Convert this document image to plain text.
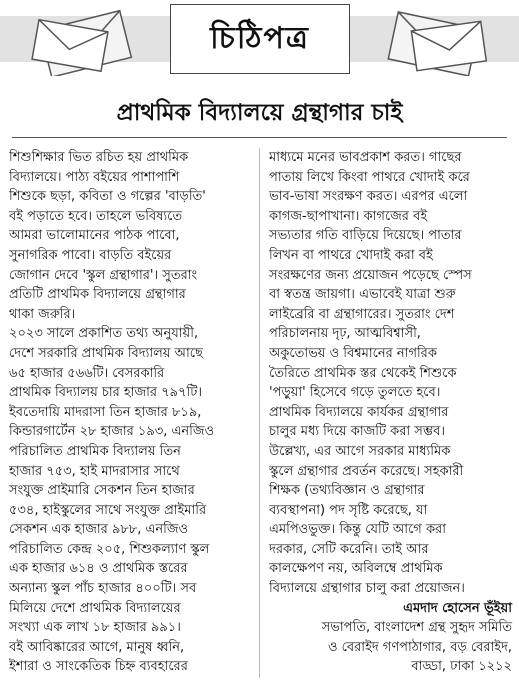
চিঠিপত্র
প্রাথমিক বিদ্যালয়ে গ্রন্থাগার চাই
শিশুশিক্ষার ভিত রচিত হয় প্রাথমিক
বিদ্যালয়ে। পাঠ্য বইয়ের পাশাপাশি
শিশুকে ছড়া, কবিতা ও গল্পের 'বাড়তি'
বই পড়াতে হবে। তাহলে ভবিষ্যতে
আমরা ভালোমানের পাঠক পাবো,
সুনাগরিক পাবো। বাড়তি বইয়ের
জোগান দেবে 'স্কুল গ্রন্থাগার'। সুতরাং
প্রতিটি প্রাথমিক বিদ্যালয়ে গ্রন্থাগার
থাকা জরুরি।
২০২৩ সালে প্রকাশিত তথ্য অনুযায়ী,
দেশে সরকারি প্রাথমিক বিদ্যালয় আছে
৬৫ হাজার ৫৬৬টি। বেসরকারি
প্রাথমিক বিদ্যালয় চার হাজার ৭৯৭টি।
ইবতেদায়ি মাদরাসা তিন হাজার ৮১৯,
কিন্ডারগার্টেন ২৮ হাজার ১৯৩, এনজিও
পরিচালিত প্রাথমিক বিদ্যালয় তিন
হাজার ৭৫৩, হাই মাদরাসার সাথে
সংযুক্ত প্রাইমারি সেকশন তিন হাজার
৫৩৪, হাইস্কুলের সাথে সংযুক্ত প্রাইমারি
সেকশন এক হাজার ৯৮৮, এনজিও
পরিচালিত কেন্দ্র ২০৫, শিশুকল্যাণ স্কুল
এক হাজার ৬১৪ ও প্রাথমিক স্তরের
অন্যান্য স্কুল পাঁচ হাজার ৪০০টি। সব
মিলিয়ে দেশে প্রাথমিক বিদ্যালয়ের
সংখ্যা এক লাখ ১৮ হাজার ৯৯১।
বই আবিষ্কারের আগে, মানুষ ধ্বনি,
ইশারা ও সাংকেতিক চিহ্ন ব্যবহারের
মাধ্যমে মনের ভাবপ্রকাশ করত। গাছের
পাতায় লিখে কিংবা পাথরে খোদাই করে
ভাব-ভাষা সংরক্ষণ করত। এরপর এলো
কাগজ-ছাপাখানা। কাগজের বই
সভ্যতার গতি বাড়িয়ে দিয়েছে। পাতার
লিখন বা পাথরে খোদাই করা বই
সংরক্ষণের জন্য প্রয়োজন পড়েছে স্পেস
বা স্বতন্ত্র জায়গা। এভাবেই যাত্রা শুরু
লাইব্রেরি বা গ্রন্থাগারের। সুতরাং দেশ
পরিচালনায় দৃঢ়, আত্মবিশ্বাসী,
অকুতোভয় ও বিশ্বমানের নাগরিক
তৈরিতে প্রাথমিক স্তর থেকেই শিশুকে
'পড়ুয়া' হিসেবে গড়ে তুলতে হবে।
প্রাথমিক বিদ্যালয়ে কার্যকর গ্রন্থাগার
চালুর মধ্য দিয়ে কাজটি করা সম্ভব।
উল্লেখ্য, এর আগে সরকার মাধ্যমিক
স্কুলে গ্রন্থাগার প্রবর্তন করেছে। সহকারী
শিক্ষক (তথ্যবিজ্ঞান ও গ্রন্থাগার
ব্যবস্থাপনা) পদ সৃষ্টি করেছে, যা
এমপিওভুক্ত। কিন্তু যেটি আগে করা
দরকার, সেটি করেনি। তাই আর
কালক্ষেপণ নয়, অবিলম্বে প্রাথমিক
বিদ্যালয়ে গ্রন্থাগার চালু করা প্রয়োজন।
এমদাদ হোসেন ভূঁইয়া
সভাপতি, বাংলাদেশ গ্রন্থ সুহৃদ সমিতি
ও বেরাইদ গণপাঠাগার, বড় বেরাইদ,
বাড্ডা, ঢাকা ১২১২
